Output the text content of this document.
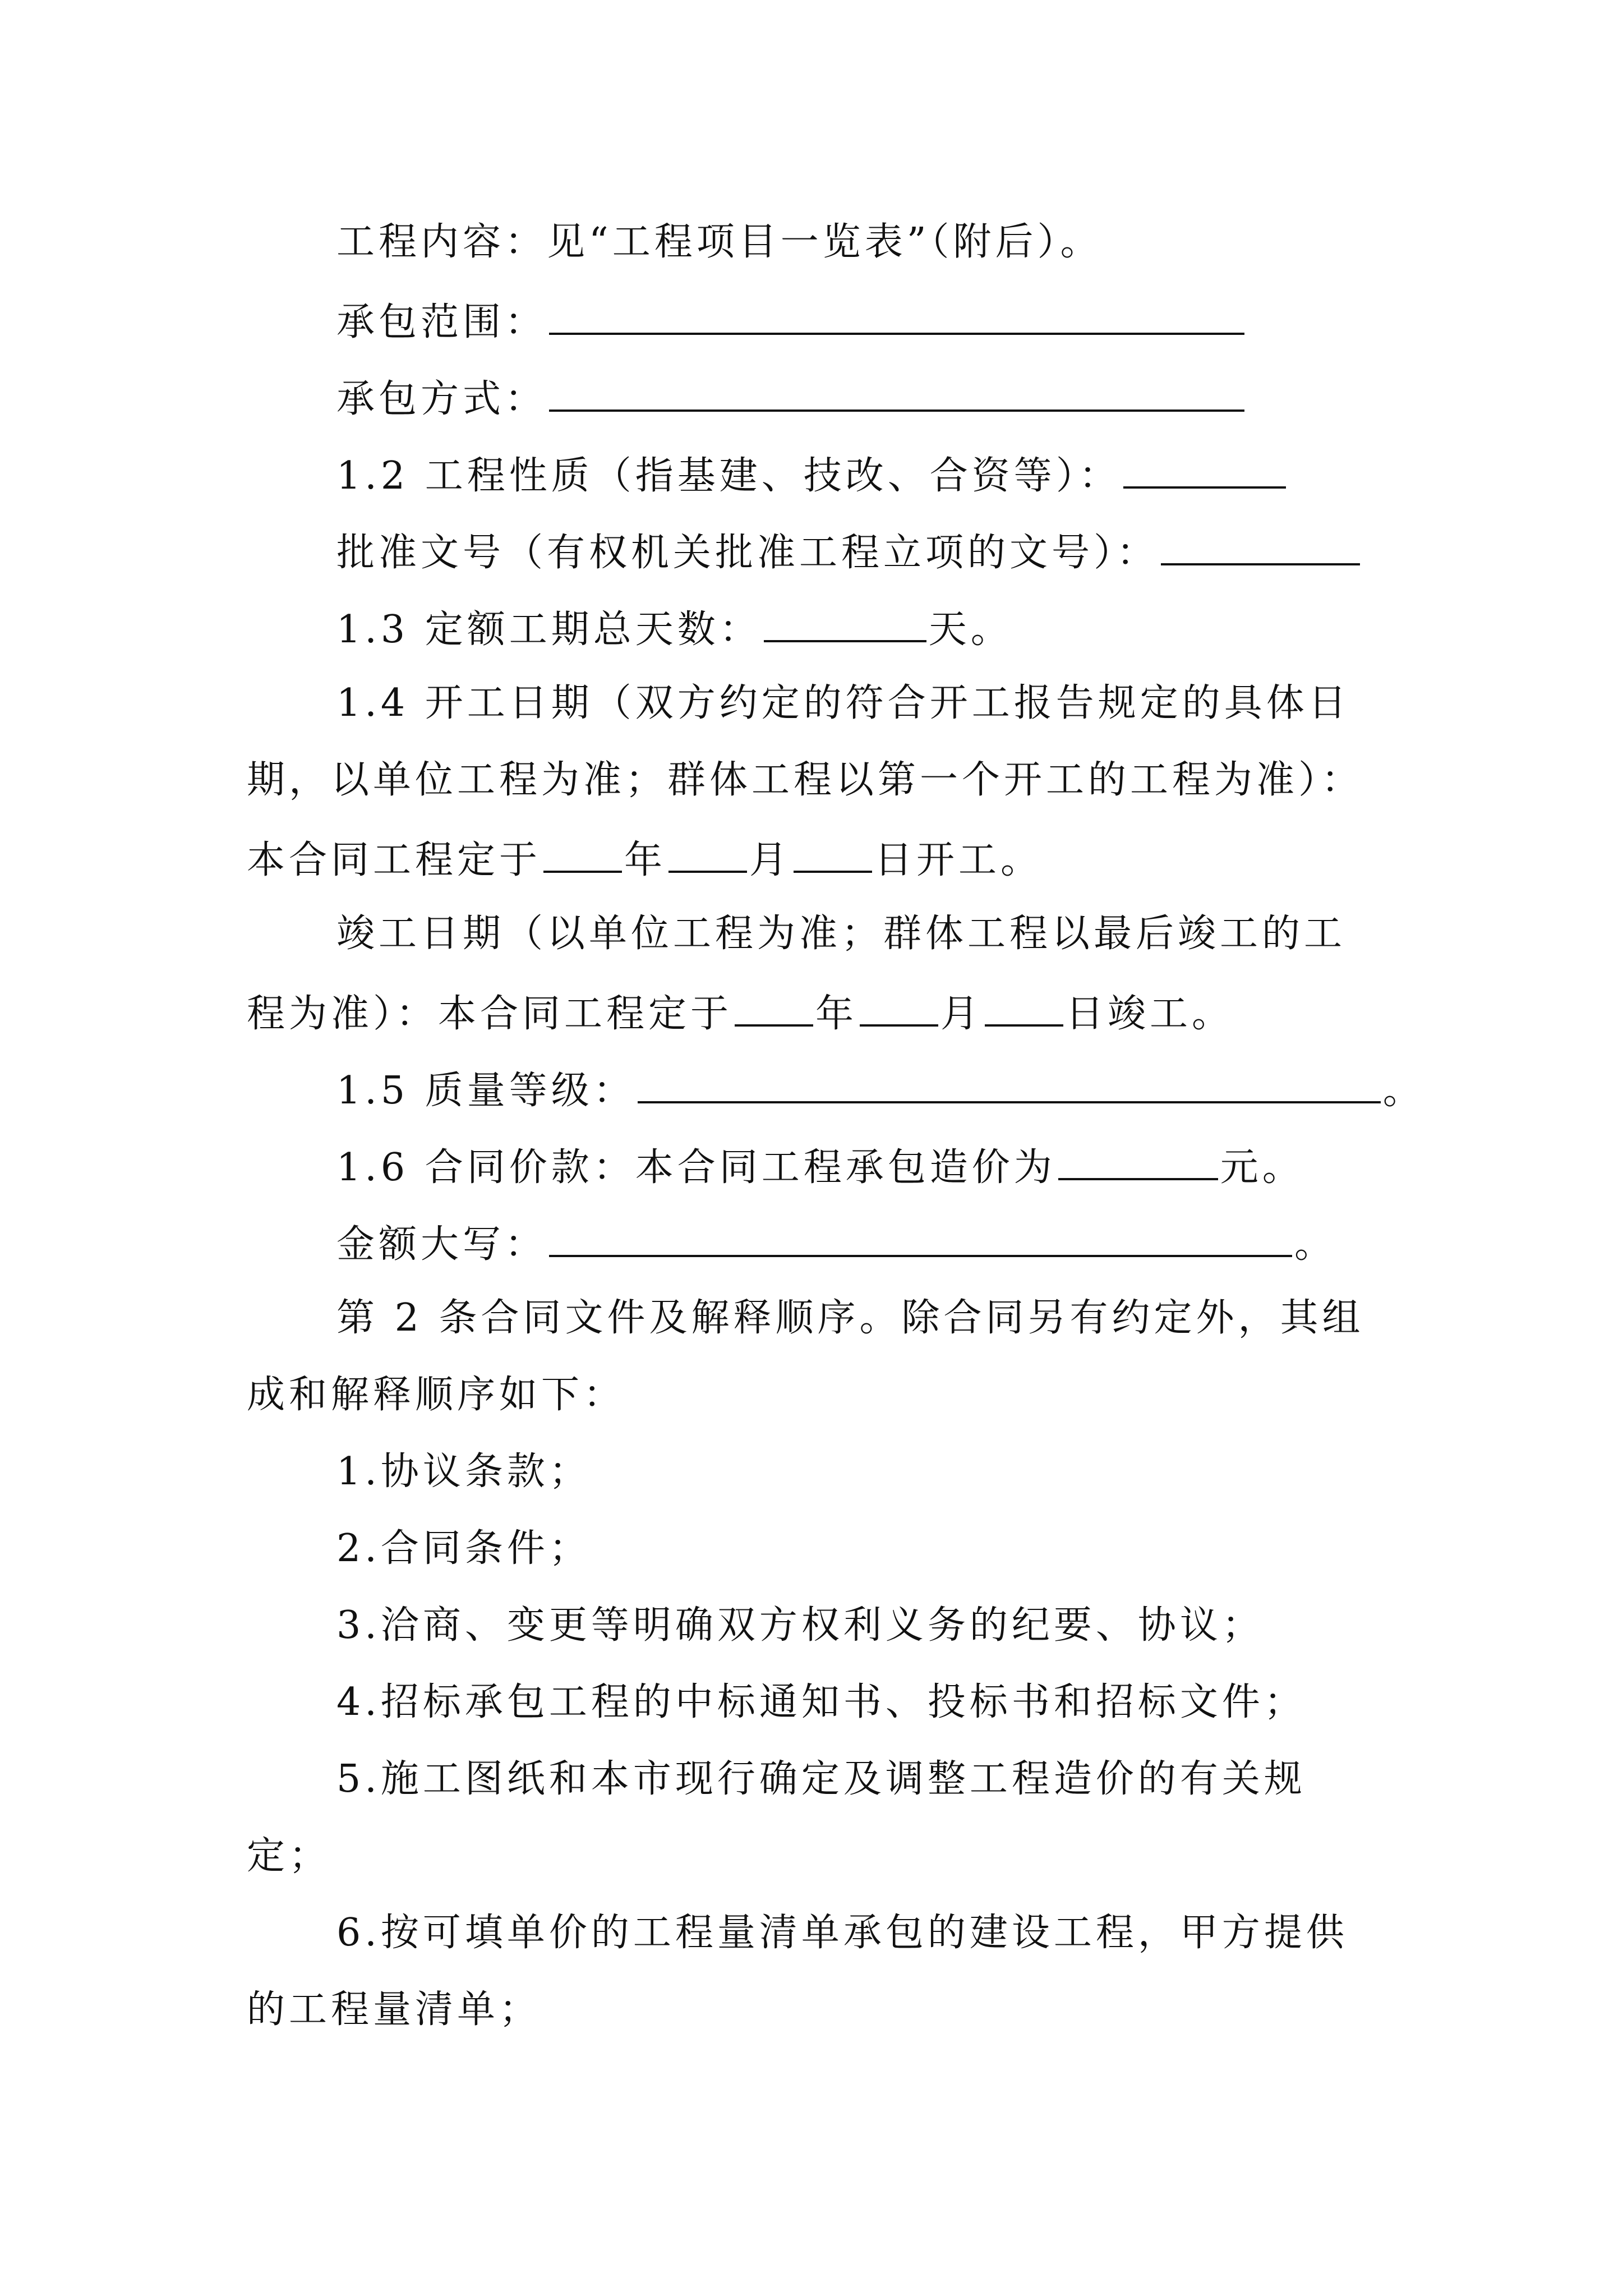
工程内容：见“工程项目一览表”（附后）。
承包范围：
承包方式：
1.2 工程性质（指基建、技改、合资等）：
批准文号（有权机关批准工程立项的文号）：
1.3 定额工期总天数：	天。
1.4 开工日期（双方约定的符合开工报告规定的具体日
期，以单位工程为准；群体工程以第一个开工的工程为准）：
本合同工程定于 年 月 日开工。
竣工日期（以单位工程为准；群体工程以最后竣工的工
程为准）：本合同工程定于 年 月 日竣工。
1.5 质量等级：	。
1.6 合同价款：本合同工程承包造价为	元。
金额大写：	。
第 2 条合同文件及解释顺序。除合同另有约定外，其组
成和解释顺序如下：
1.协议条款；
2.合同条件；
3.洽商、变更等明确双方权利义务的纪要、协议；
4.招标承包工程的中标通知书、投标书和招标文件；
5.施工图纸和本市现行确定及调整工程造价的有关规
定；
6.按可填单价的工程量清单承包的建设工程，甲方提供
的工程量清单；
